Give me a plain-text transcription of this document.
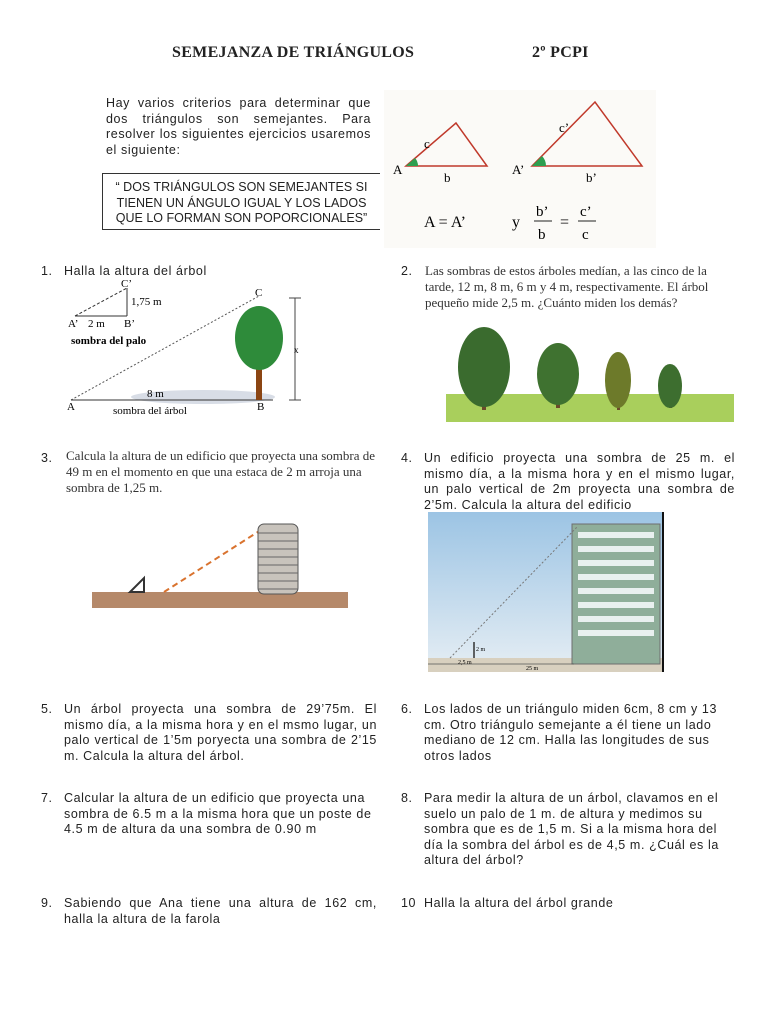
SEMEJANZA DE TRIÁNGULOS	2º PCPI
Hay varios criterios para determinar que dos triángulos son semejantes. Para resolver los siguientes ejercicios usaremos el siguiente:
“ DOS TRIÁNGULOS SON SEMEJANTES SI TIENEN UN ÁNGULO IGUAL Y LOS LADOS QUE LO FORMAN SON POPORCIONALES”
A
c
b
A’
c’
b’
A = A’	y
b’
b
=
c’
c
1. Halla la altura del árbol
C’
1,75 m
A’ 2 m B’
sombra del palo
C
x
A
8 m
B
sombra del árbol
2. Las sombras de estos árboles medían, a las cinco de la tarde, 12 m, 8 m, 6 m y 4 m, respectivamente. El árbol pequeño mide 2,5 m. ¿Cuánto miden los demás?
3. Calcula la altura de un edificio que proyecta una sombra de 49 m en el momento en que una estaca de 2 m arroja una sombra de 1,25 m.
4. Un edificio proyecta una sombra de 25 m. el mismo día, a la misma hora y en el mismo lugar, un palo vertical de 2m proyecta una sombra de 2’5m. Calcula la altura del edificio
2 m
2,5 m
25 m
5. Un árbol proyecta una sombra de 29’75m. El mismo día, a la misma hora y en el msmo lugar, un palo vertical de 1’5m poryecta una sombra de 2’15 m. Calcula la altura del árbol.
6. Los lados de un triángulo miden 6cm, 8 cm y 13 cm. Otro triángulo semejante a él tiene un lado mediano de 12 cm. Halla las longitudes de sus otros lados
7. Calcular la altura de un edificio que proyecta una sombra de 6.5 m a la misma hora que un poste de 4.5 m de altura da una sombra de 0.90 m
8. Para medir la altura de un árbol, clavamos en el suelo un palo de 1 m. de altura y medimos su sombra que es de 1,5 m. Si a la misma hora del día la sombra del árbol es de 4,5 m. ¿Cuál es la altura del árbol?
9. Sabiendo que Ana tiene una altura de 162 cm, halla la altura de la farola
10 Halla la altura del árbol grande
